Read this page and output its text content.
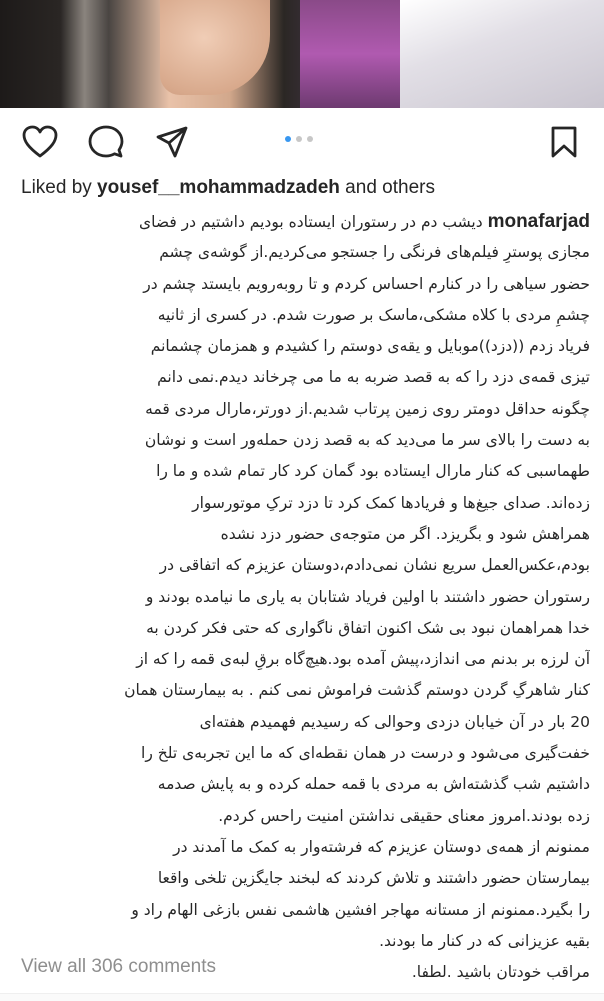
Liked by yousef__mohammadzadeh and others
monafarjad دیشب دم در رستوران ایستاده بودیم داشتیم در فضای
مجازی پوسترِ فیلم‌های فرنگی را جستجو می‌کردیم.از گوشه‌ی چشم
حضور سیاهی را در کنارم احساس کردم و تا روبه‌رویم بایستد چشم در
چشمِ مردی با کلاه مشکی،ماسک بر صورت شدم. در کسری از ثانیه
فریاد زدم ((دزد))موبایل و یقه‌ی دوستم را کشیدم و همزمان چشمانم
تیزی قمه‌ی دزد را که به قصد ضربه به ما می چرخاند دیدم.نمی دانم
چگونه حداقل دومتر روی زمین پرتاب شدیم.از دورتر،مارال مردی قمه
به دست را بالای سر ما می‌دید که به قصد زدن حمله‌ور است و نوشان
طهماسبی که کنار مارال ایستاده بود گمان کرد کار تمام شده و ما را
زده‌اند. صدای جیغ‌ها و فریادها کمک کرد تا دزد ترکِ موتورسوار
همراهش شود و بگریزد. اگر من متوجه‌ی حضور دزد نشده
بودم،عکس‌العمل سریع نشان نمی‌دادم،دوستان عزیزم که اتفاقی در
رستوران حضور داشتند با اولین فریاد شتابان به یاری ما نیامده بودند و
خدا همراهمان نبود بی شک اکنون اتفاق ناگواری که حتی فکر کردن به
آن لرزه بر بدنم می اندازد،پیش آمده بود.هیچ‌گاه برقِ لبه‌ی قمه را که از
کنار شاهرگِ گردن دوستم گذشت فراموش نمی کنم . به بیمارستان همان
20 بار در آن خیابان دزدی وحوالی که رسیدیم فهمیدم هفته‌ای
خفت‌گیری می‌شود و درست در همان نقطه‌ای که ما این تجربه‌ی تلخ را
داشتیم شب گذشته‌اش به مردی با قمه حمله کرده و به پایش صدمه
زده بودند.امروز معنای حقیقی نداشتن امنیت راحس کردم.
ممنونم از همه‌ی دوستان عزیزم که فرشته‌وار به کمک ما آمدند در
بیمارستان حضور داشتند و تلاش کردند که لبخند جایگزین تلخی واقعا
را بگیرد.ممنونم از مستانه مهاجر افشین هاشمی نفس بازغی الهام راد و
بقیه عزیزانی که در کنار ما بودند.
مراقب خودتان باشید .لطفا.
View all 306 comments
